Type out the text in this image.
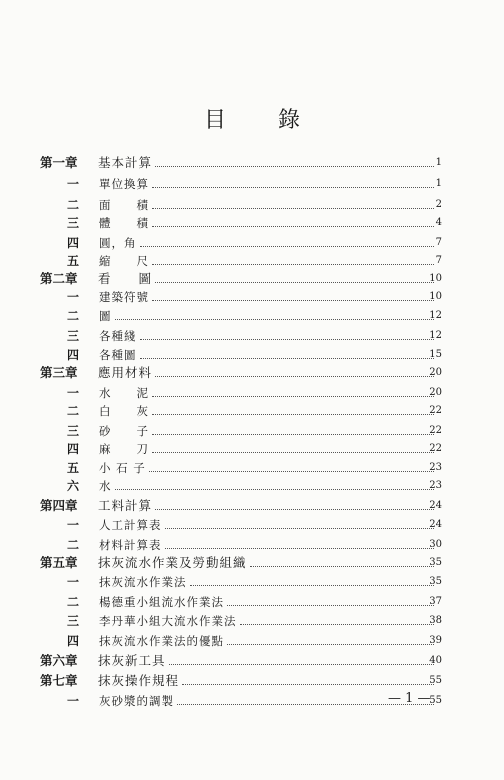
目 錄
第一章 基本計算	1
一 單位換算	1
二 面　　積	2
三 體　　積	4
四 圓，角	7
五 縮　　尺	7
第二章 看　　圖	10
一 建築符號	10
二 圖	12
三 各種綫	12
四 各種圖	15
第三章 應用材料	20
一 水　　泥	20
二 白　　灰	22
三 砂　　子	22
四 麻　　刀	22
五 小 石 子	23
六 水	23
第四章 工料計算	24
一 人工計算表	24
二 材料計算表	30
第五章 抹灰流水作業及勞動組織	35
一 抹灰流水作業法	35
二 楊德重小組流水作業法	37
三 李丹華小組大流水作業法	38
四 抹灰流水作業法的優點	39
第六章 抹灰新工具	40
第七章 抹灰操作規程	55
一 灰砂漿的調製	55
— 1 —
